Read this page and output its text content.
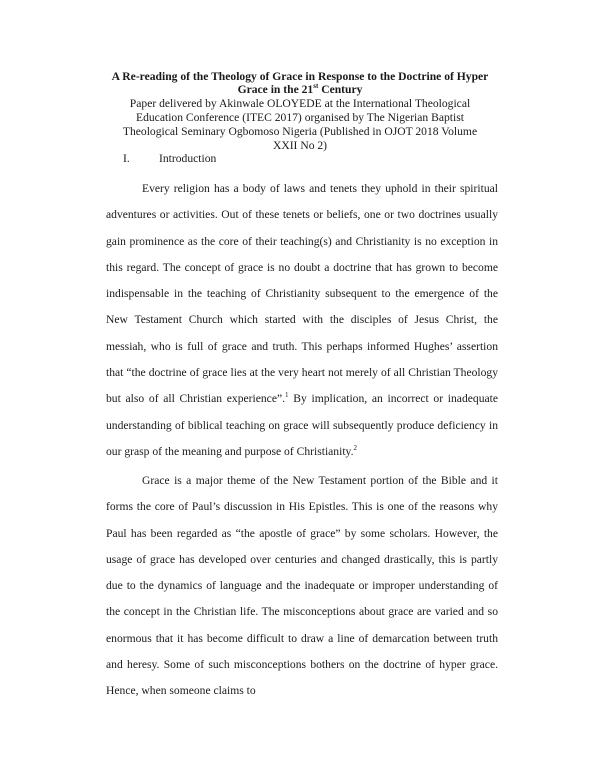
A Re-reading of the Theology of Grace in Response to the Doctrine of Hyper Grace in the 21st Century

Paper delivered by Akinwale OLOYEDE at the International Theological Education Conference (ITEC 2017) organised by The Nigerian Baptist Theological Seminary Ogbomoso Nigeria (Published in OJOT 2018 Volume XXII No 2)

I.	Introduction

Every religion has a body of laws and tenets they uphold in their spiritual adventures or activities. Out of these tenets or beliefs, one or two doctrines usually gain prominence as the core of their teaching(s) and Christianity is no exception in this regard. The concept of grace is no doubt a doctrine that has grown to become indispensable in the teaching of Christianity subsequent to the emergence of the New Testament Church which started with the disciples of Jesus Christ, the messiah, who is full of grace and truth. This perhaps informed Hughes’ assertion that “the doctrine of grace lies at the very heart not merely of all Christian Theology but also of all Christian experience”.$^1$ By implication, an incorrect or inadequate understanding of biblical teaching on grace will subsequently produce deficiency in our grasp of the meaning and purpose of Christianity.$^2$

Grace is a major theme of the New Testament portion of the Bible and it forms the core of Paul’s discussion in His Epistles. This is one of the reasons why Paul has been regarded as “the apostle of grace” by some scholars. However, the usage of grace has developed over centuries and changed drastically, this is partly due to the dynamics of language and the inadequate or improper understanding of the concept in the Christian life. The misconceptions about grace are varied and so enormous that it has become difficult to draw a line of demarcation between truth and heresy. Some of such misconceptions bothers on the doctrine of hyper grace. Hence, when someone claims to
